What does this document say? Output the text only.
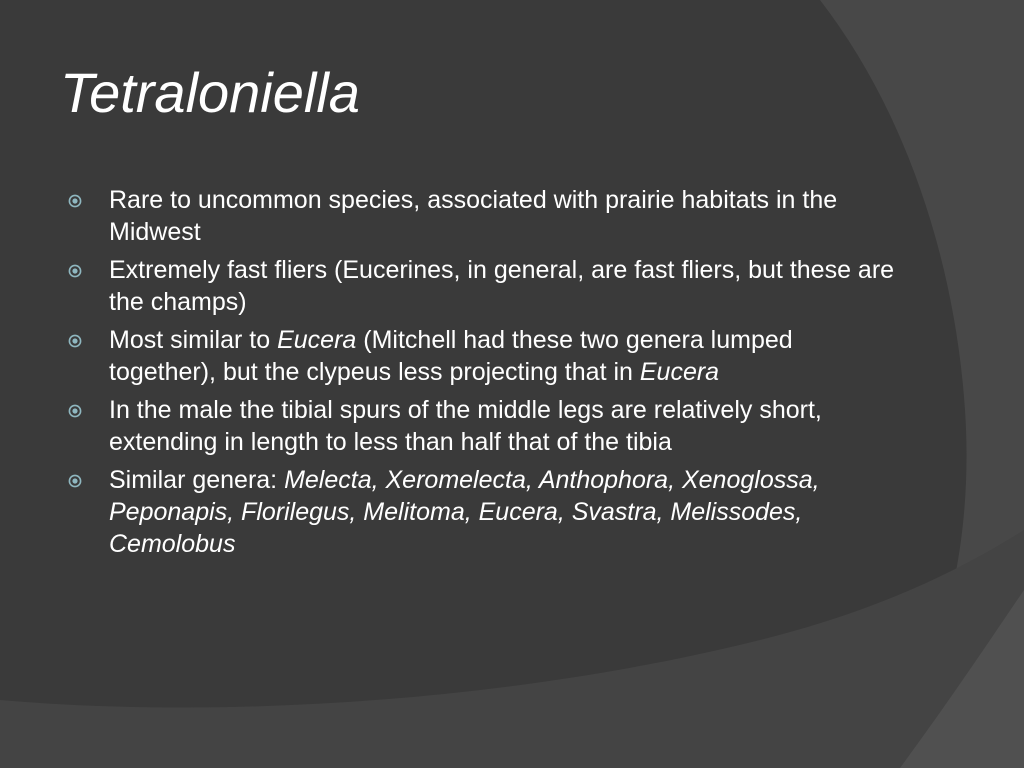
Tetraloniella
Rare to uncommon species, associated with prairie habitats in the Midwest
Extremely fast fliers (Eucerines, in general, are fast fliers, but these are the champs)
Most similar to Eucera (Mitchell had these two genera lumped together), but the clypeus less projecting that in Eucera
In the male the tibial spurs of the middle legs are relatively short, extending in length to less than half that of the tibia
Similar genera: Melecta, Xeromelecta, Anthophora, Xenoglossa, Peponapis, Florilegus, Melitoma, Eucera, Svastra, Melissodes, Cemolobus
